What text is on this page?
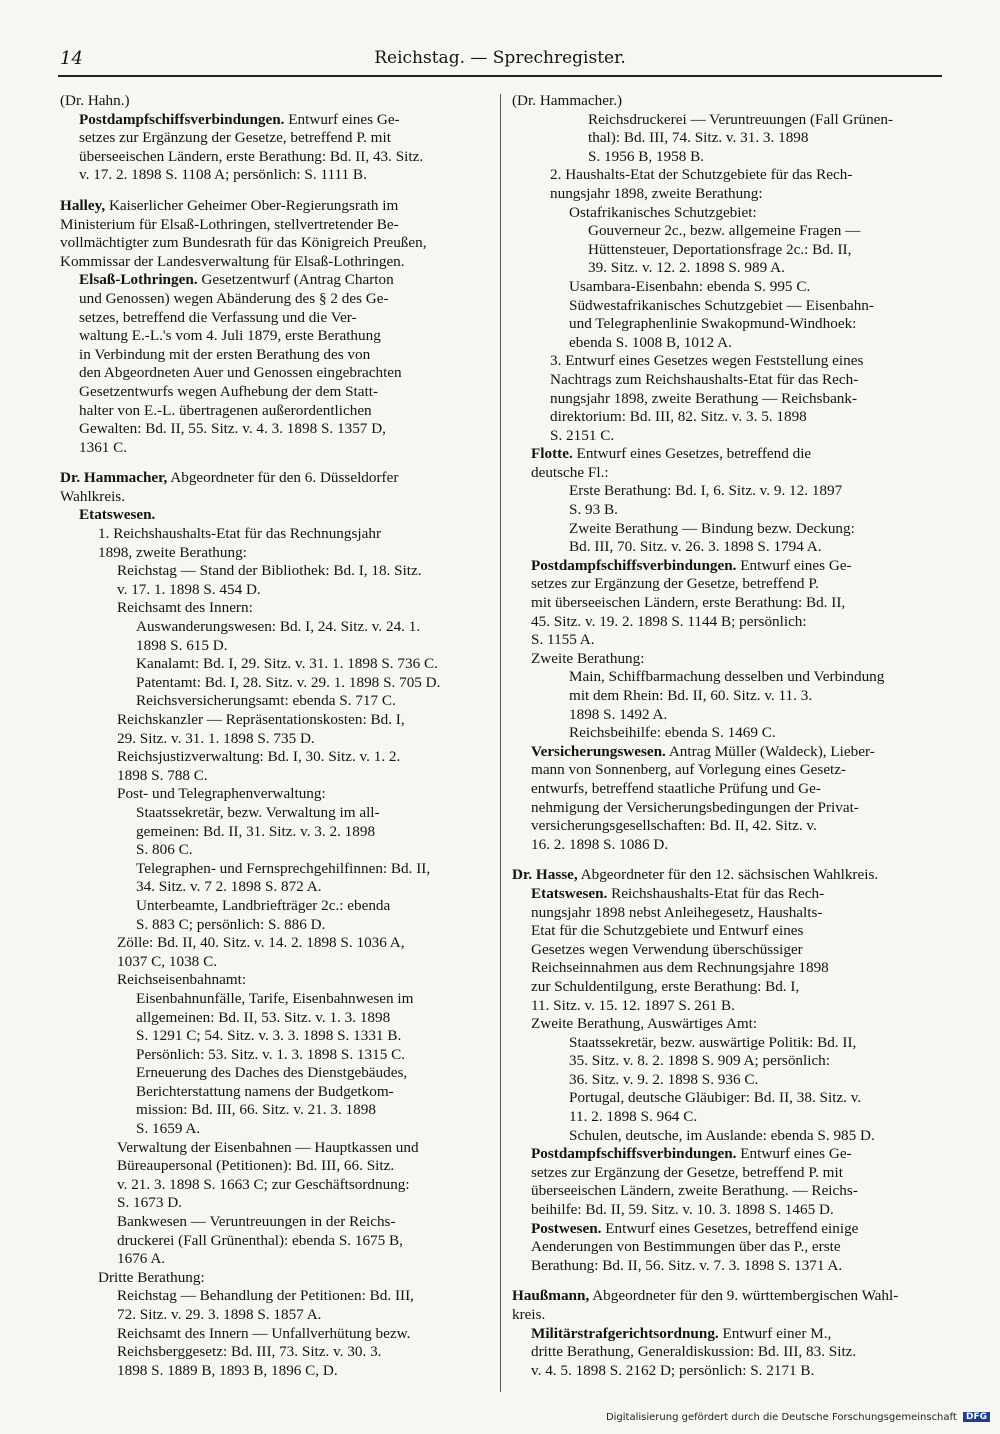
14	Reichstag. — Sprechregister.
(Dr. Hahn.)
Postdampfschiffsverbindungen. Entwurf eines Ge-
setzes zur Ergänzung der Gesetze, betreffend P. mit
überseeischen Ländern, erste Berathung: Bd. II, 43. Sitz.
v. 17. 2. 1898 S. 1108 A; persönlich: S. 1111 B.
Halley, Kaiserlicher Geheimer Ober-Regierungsrath im
Ministerium für Elsaß-Lothringen, stellvertretender Be-
vollmächtigter zum Bundesrath für das Königreich Preußen,
Kommissar der Landesverwaltung für Elsaß-Lothringen.
Elsaß-Lothringen. Gesetzentwurf (Antrag Charton
und Genossen) wegen Abänderung des § 2 des Ge-
setzes, betreffend die Verfassung und die Ver-
waltung E.-L.'s vom 4. Juli 1879, erste Berathung
in Verbindung mit der ersten Berathung des von
den Abgeordneten Auer und Genossen eingebrachten
Gesetzentwurfs wegen Aufhebung der dem Statt-
halter von E.-L. übertragenen außerordentlichen
Gewalten: Bd. II, 55. Sitz. v. 4. 3. 1898 S. 1357 D,
1361 C.
Dr. Hammacher, Abgeordneter für den 6. Düsseldorfer
Wahlkreis.
Etatswesen.
1. Reichshaushalts-Etat für das Rechnungsjahr
1898, zweite Berathung:
Reichstag — Stand der Bibliothek: Bd. I, 18. Sitz.
v. 17. 1. 1898 S. 454 D.
Reichsamt des Innern:
Auswanderungswesen: Bd. I, 24. Sitz. v. 24. 1.
1898 S. 615 D.
Kanalamt: Bd. I, 29. Sitz. v. 31. 1. 1898 S. 736 C.
Patentamt: Bd. I, 28. Sitz. v. 29. 1. 1898 S. 705 D.
Reichsversicherungsamt: ebenda S. 717 C.
Reichskanzler — Repräsentationskosten: Bd. I,
29. Sitz. v. 31. 1. 1898 S. 735 D.
Reichsjustizverwaltung: Bd. I, 30. Sitz. v. 1. 2.
1898 S. 788 C.
Post- und Telegraphenverwaltung:
Staatssekretär, bezw. Verwaltung im all-
gemeinen: Bd. II, 31. Sitz. v. 3. 2. 1898
S. 806 C.
Telegraphen- und Fernsprechgehilfinnen: Bd. II,
34. Sitz. v. 7 2. 1898 S. 872 A.
Unterbeamte, Landbriefträger 2c.: ebenda
S. 883 C; persönlich: S. 886 D.
Zölle: Bd. II, 40. Sitz. v. 14. 2. 1898 S. 1036 A,
1037 C, 1038 C.
Reichseisenbahnamt:
Eisenbahnunfälle, Tarife, Eisenbahnwesen im
allgemeinen: Bd. II, 53. Sitz. v. 1. 3. 1898
S. 1291 C; 54. Sitz. v. 3. 3. 1898 S. 1331 B.
Persönlich: 53. Sitz. v. 1. 3. 1898 S. 1315 C.
Erneuerung des Daches des Dienstgebäudes,
Berichterstattung namens der Budgetkom-
mission: Bd. III, 66. Sitz. v. 21. 3. 1898
S. 1659 A.
Verwaltung der Eisenbahnen — Hauptkassen und
Büreaupersonal (Petitionen): Bd. III, 66. Sitz.
v. 21. 3. 1898 S. 1663 C; zur Geschäftsordnung:
S. 1673 D.
Bankwesen — Veruntreuungen in der Reichs-
druckerei (Fall Grünenthal): ebenda S. 1675 B,
1676 A.
Dritte Berathung:
Reichstag — Behandlung der Petitionen: Bd. III,
72. Sitz. v. 29. 3. 1898 S. 1857 A.
Reichsamt des Innern — Unfallverhütung bezw.
Reichsberggesetz: Bd. III, 73. Sitz. v. 30. 3.
1898 S. 1889 B, 1893 B, 1896 C, D.
(Dr. Hammacher.)
Reichsdruckerei — Veruntreuungen (Fall Grünen-
thal): Bd. III, 74. Sitz. v. 31. 3. 1898
S. 1956 B, 1958 B.
2. Haushalts-Etat der Schutzgebiete für das Rech-
nungsjahr 1898, zweite Berathung:
Ostafrikanisches Schutzgebiet:
Gouverneur 2c., bezw. allgemeine Fragen —
Hüttensteuer, Deportationsfrage 2c.: Bd. II,
39. Sitz. v. 12. 2. 1898 S. 989 A.
Usambara-Eisenbahn: ebenda S. 995 C.
Südwestafrikanisches Schutzgebiet — Eisenbahn-
und Telegraphenlinie Swakopmund-Windhoek:
ebenda S. 1008 B, 1012 A.
3. Entwurf eines Gesetzes wegen Feststellung eines
Nachtrags zum Reichshaushalts-Etat für das Rech-
nungsjahr 1898, zweite Berathung — Reichsbank-
direktorium: Bd. III, 82. Sitz. v. 3. 5. 1898
S. 2151 C.
Flotte. Entwurf eines Gesetzes, betreffend die
deutsche Fl.:
Erste Berathung: Bd. I, 6. Sitz. v. 9. 12. 1897
S. 93 B.
Zweite Berathung — Bindung bezw. Deckung:
Bd. III, 70. Sitz. v. 26. 3. 1898 S. 1794 A.
Postdampfschiffsverbindungen. Entwurf eines Ge-
setzes zur Ergänzung der Gesetze, betreffend P.
mit überseeischen Ländern, erste Berathung: Bd. II,
45. Sitz. v. 19. 2. 1898 S. 1144 B; persönlich:
S. 1155 A.
Zweite Berathung:
Main, Schiffbarmachung desselben und Verbindung
mit dem Rhein: Bd. II, 60. Sitz. v. 11. 3.
1898 S. 1492 A.
Reichsbeihilfe: ebenda S. 1469 C.
Versicherungswesen. Antrag Müller (Waldeck), Lieber-
mann von Sonnenberg, auf Vorlegung eines Gesetz-
entwurfs, betreffend staatliche Prüfung und Ge-
nehmigung der Versicherungsbedingungen der Privat-
versicherungsgesellschaften: Bd. II, 42. Sitz. v.
16. 2. 1898 S. 1086 D.
Dr. Hasse, Abgeordneter für den 12. sächsischen Wahlkreis.
Etatswesen. Reichshaushalts-Etat für das Rech-
nungsjahr 1898 nebst Anleihegesetz, Haushalts-
Etat für die Schutzgebiete und Entwurf eines
Gesetzes wegen Verwendung überschüssiger
Reichseinnahmen aus dem Rechnungsjahre 1898
zur Schuldentilgung, erste Berathung: Bd. I,
11. Sitz. v. 15. 12. 1897 S. 261 B.
Zweite Berathung, Auswärtiges Amt:
Staatssekretär, bezw. auswärtige Politik: Bd. II,
35. Sitz. v. 8. 2. 1898 S. 909 A; persönlich:
36. Sitz. v. 9. 2. 1898 S. 936 C.
Portugal, deutsche Gläubiger: Bd. II, 38. Sitz. v.
11. 2. 1898 S. 964 C.
Schulen, deutsche, im Auslande: ebenda S. 985 D.
Postdampfschiffsverbindungen. Entwurf eines Ge-
setzes zur Ergänzung der Gesetze, betreffend P. mit
überseeischen Ländern, zweite Berathung. — Reichs-
beihilfe: Bd. II, 59. Sitz. v. 10. 3. 1898 S. 1465 D.
Postwesen. Entwurf eines Gesetzes, betreffend einige
Aenderungen von Bestimmungen über das P., erste
Berathung: Bd. II, 56. Sitz. v. 7. 3. 1898 S. 1371 A.
Haußmann, Abgeordneter für den 9. württembergischen Wahl-
kreis.
Militärstrafgerichtsordnung. Entwurf einer M.,
dritte Berathung, Generaldiskussion: Bd. III, 83. Sitz.
v. 4. 5. 1898 S. 2162 D; persönlich: S. 2171 B.
Digitalisierung gefördert durch die Deutsche Forschungsgemeinschaft DFG
